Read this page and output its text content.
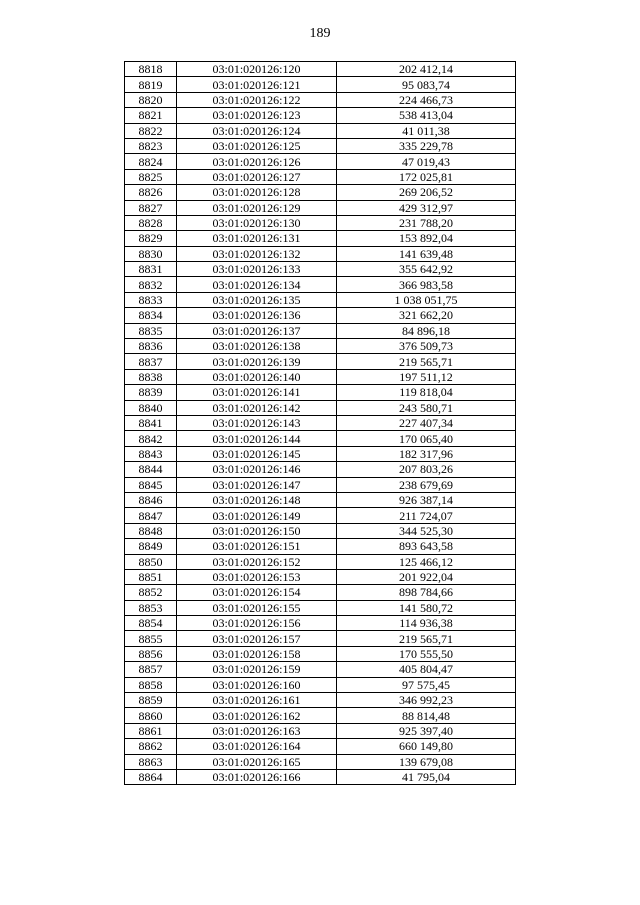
189
8818	03:01:020126:120	202 412,14
8819	03:01:020126:121	95 083,74
8820	03:01:020126:122	224 466,73
8821	03:01:020126:123	538 413,04
8822	03:01:020126:124	41 011,38
8823	03:01:020126:125	335 229,78
8824	03:01:020126:126	47 019,43
8825	03:01:020126:127	172 025,81
8826	03:01:020126:128	269 206,52
8827	03:01:020126:129	429 312,97
8828	03:01:020126:130	231 788,20
8829	03:01:020126:131	153 892,04
8830	03:01:020126:132	141 639,48
8831	03:01:020126:133	355 642,92
8832	03:01:020126:134	366 983,58
8833	03:01:020126:135	1 038 051,75
8834	03:01:020126:136	321 662,20
8835	03:01:020126:137	84 896,18
8836	03:01:020126:138	376 509,73
8837	03:01:020126:139	219 565,71
8838	03:01:020126:140	197 511,12
8839	03:01:020126:141	119 818,04
8840	03:01:020126:142	243 580,71
8841	03:01:020126:143	227 407,34
8842	03:01:020126:144	170 065,40
8843	03:01:020126:145	182 317,96
8844	03:01:020126:146	207 803,26
8845	03:01:020126:147	238 679,69
8846	03:01:020126:148	926 387,14
8847	03:01:020126:149	211 724,07
8848	03:01:020126:150	344 525,30
8849	03:01:020126:151	893 643,58
8850	03:01:020126:152	125 466,12
8851	03:01:020126:153	201 922,04
8852	03:01:020126:154	898 784,66
8853	03:01:020126:155	141 580,72
8854	03:01:020126:156	114 936,38
8855	03:01:020126:157	219 565,71
8856	03:01:020126:158	170 555,50
8857	03:01:020126:159	405 804,47
8858	03:01:020126:160	97 575,45
8859	03:01:020126:161	346 992,23
8860	03:01:020126:162	88 814,48
8861	03:01:020126:163	925 397,40
8862	03:01:020126:164	660 149,80
8863	03:01:020126:165	139 679,08
8864	03:01:020126:166	41 795,04
